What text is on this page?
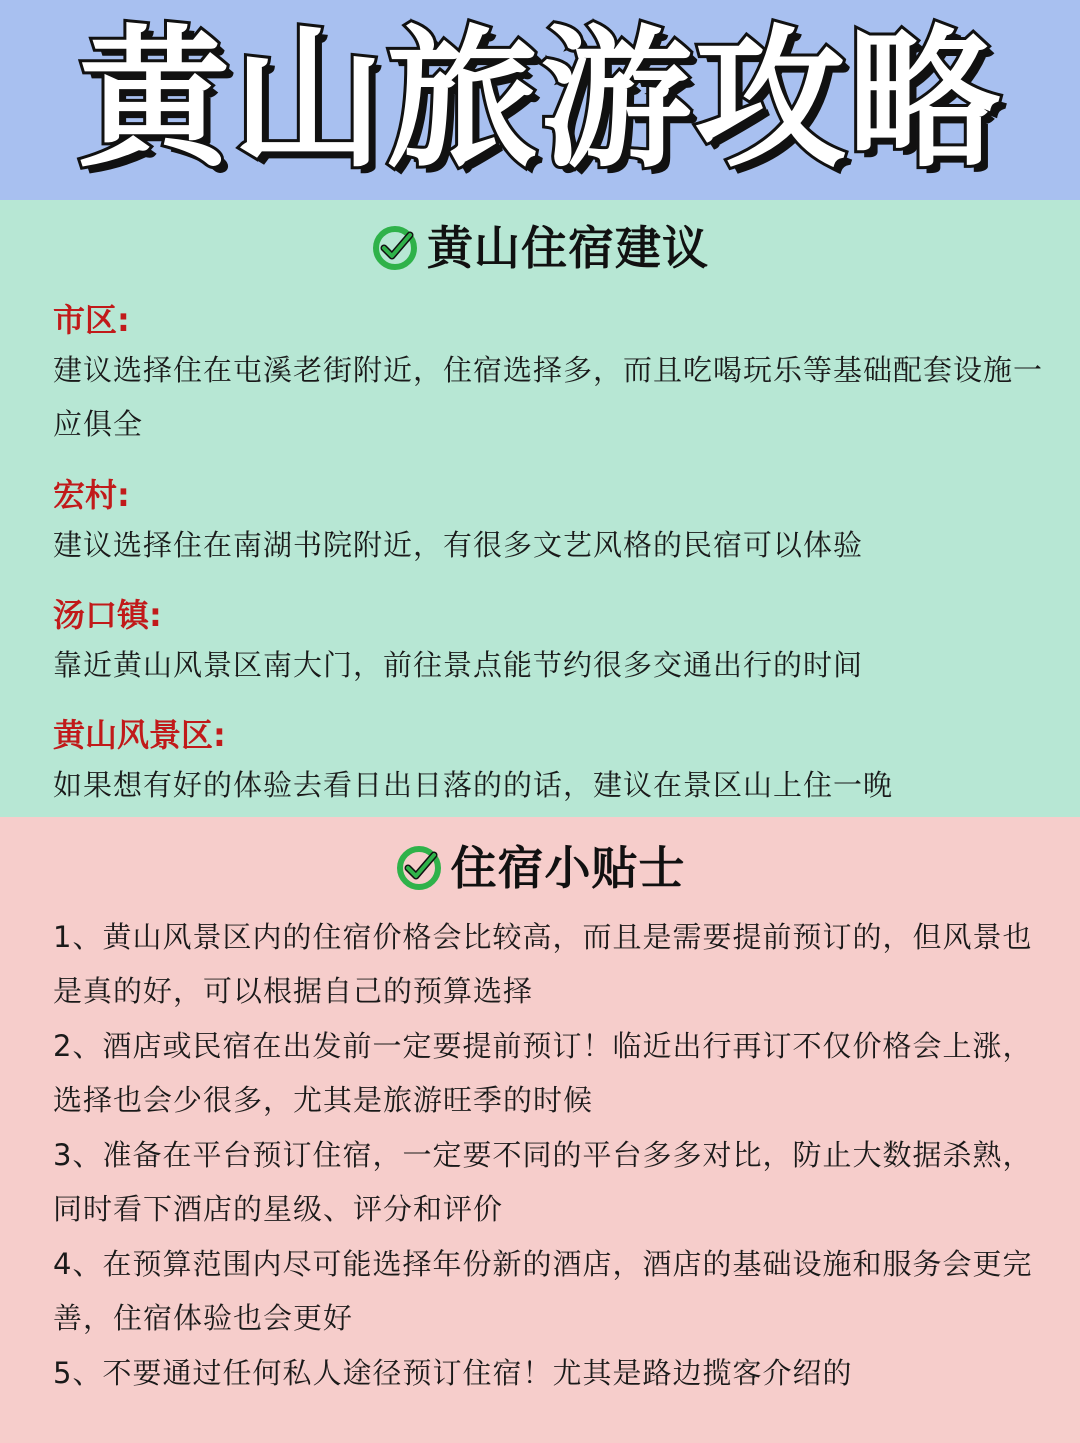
黄山旅游攻略
黄山住宿建议
市区:
建议选择住在屯溪老街附近，住宿选择多，而且吃喝玩乐等基础配套设施一应俱全
宏村:
建议选择住在南湖书院附近，有很多文艺风格的民宿可以体验
汤口镇:
靠近黄山风景区南大门，前往景点能节约很多交通出行的时间
黄山风景区:
如果想有好的体验去看日出日落的的话，建议在景区山上住一晚
住宿小贴士
1、黄山风景区内的住宿价格会比较高，而且是需要提前预订的，但风景也是真的好，可以根据自己的预算选择
2、酒店或民宿在出发前一定要提前预订！临近出行再订不仅价格会上涨，选择也会少很多，尤其是旅游旺季的时候
3、准备在平台预订住宿，一定要不同的平台多多对比，防止大数据杀熟，同时看下酒店的星级、评分和评价
4、在预算范围内尽可能选择年份新的酒店，酒店的基础设施和服务会更完善，住宿体验也会更好
5、不要通过任何私人途径预订住宿！尤其是路边揽客介绍的
